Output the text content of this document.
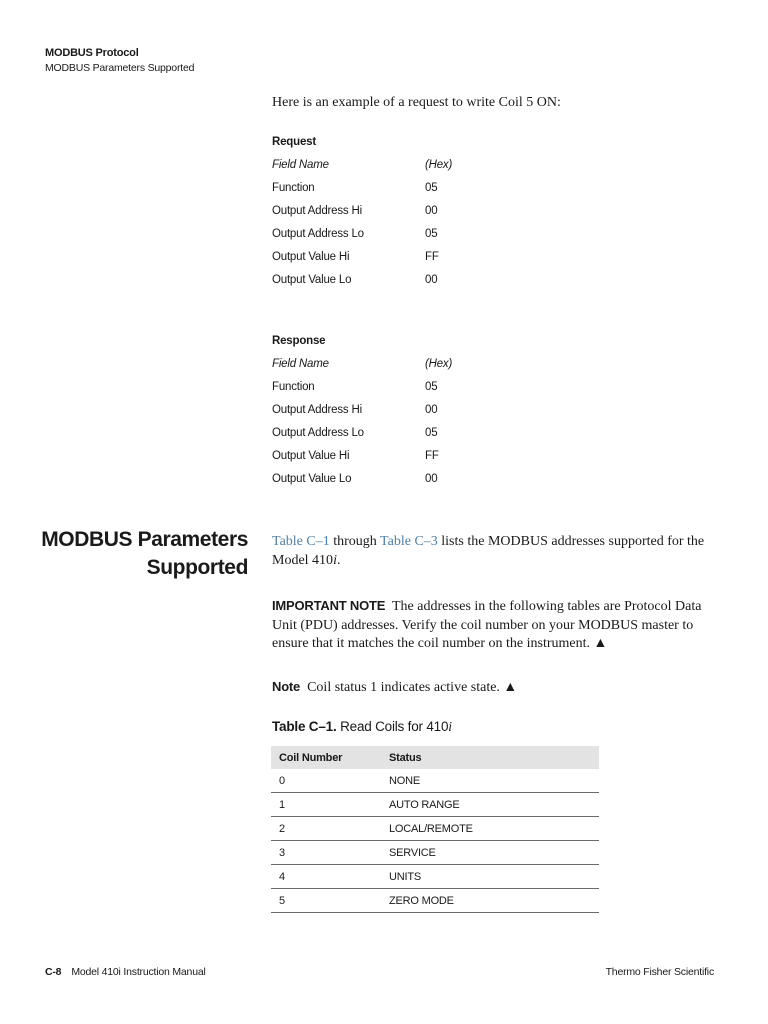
MODBUS Protocol
MODBUS Parameters Supported
Here is an example of a request to write Coil 5 ON:
Request
Field Name	(Hex)
Function	05
Output Address Hi	00
Output Address Lo	05
Output Value Hi	FF
Output Value Lo	00
Response
Field Name	(Hex)
Function	05
Output Address Hi	00
Output Address Lo	05
Output Value Hi	FF
Output Value Lo	00
MODBUS Parameters
Supported
Table C–1 through Table C–3 lists the MODBUS addresses supported for the Model 410i.
IMPORTANT NOTE The addresses in the following tables are Protocol Data Unit (PDU) addresses. Verify the coil number on your MODBUS master to ensure that it matches the coil number on the instrument. ▲
Note Coil status 1 indicates active state. ▲
Table C–1. Read Coils for 410i
Coil Number	Status
0	NONE
1	AUTO RANGE
2	LOCAL/REMOTE
3	SERVICE
4	UNITS
5	ZERO MODE
C-8 Model 410i Instruction Manual	Thermo Fisher Scientific
